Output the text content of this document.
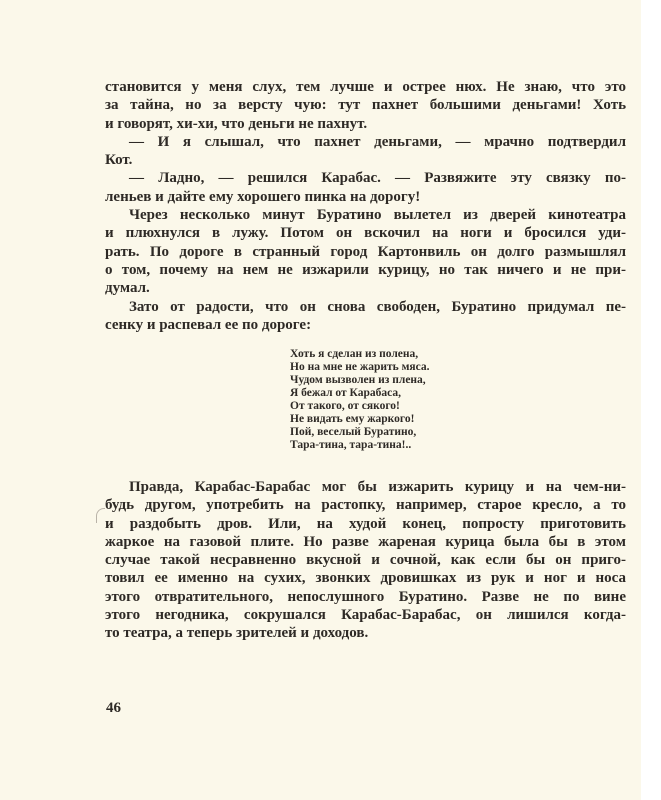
становится у меня слух, тем лучше и острее нюх. Не знаю, что это
за тайна, но за версту чую: тут пахнет большими деньгами! Хоть
и говорят, хи-хи, что деньги не пахнут.
— И я слышал, что пахнет деньгами, — мрачно подтвердил
Кот.
— Ладно, — решился Карабас. — Развяжите эту связку по-
леньев и дайте ему хорошего пинка на дорогу!
Через несколько минут Буратино вылетел из дверей кинотеатра
и плюхнулся в лужу. Потом он вскочил на ноги и бросился уди-
рать. По дороге в странный город Картонвиль он долго размышлял
о том, почему на нем не изжарили курицу, но так ничего и не при-
думал.
Зато от радости, что он снова свободен, Буратино придумал пе-
сенку и распевал ее по дороге:
Хоть я сделан из полена,
Но на мне не жарить мяса.
Чудом вызволен из плена,
Я бежал от Карабаса,
От такого, от сякого!
Не видать ему жаркого!
Пой, веселый Буратино,
Тара-тина, тара-тина!..
Правда, Карабас-Барабас мог бы изжарить курицу и на чем-ни-
будь другом, употребить на растопку, например, старое кресло, а то
и раздобыть дров. Или, на худой конец, попросту приготовить
жаркое на газовой плите. Но разве жареная курица была бы в этом
случае такой несравненно вкусной и сочной, как если бы он приго-
товил ее именно на сухих, звонких дровишках из рук и ног и носа
этого отвратительного, непослушного Буратино. Разве не по вине
этого негодника, сокрушался Карабас-Барабас, он лишился когда-
то театра, а теперь зрителей и доходов.
46
